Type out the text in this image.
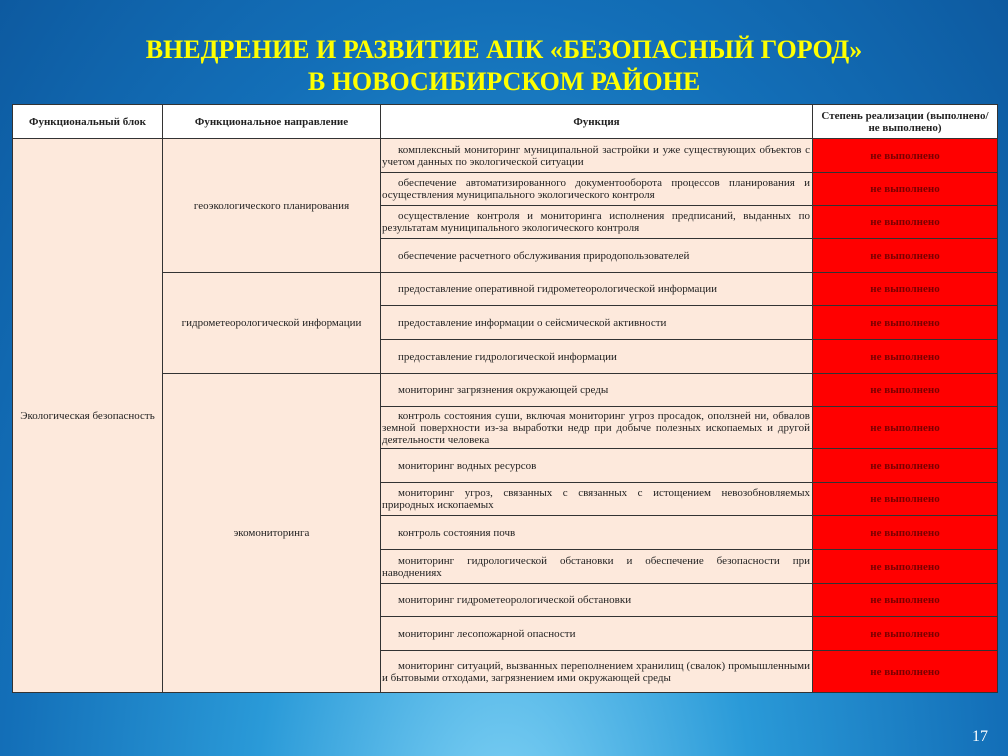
ВНЕДРЕНИЕ И РАЗВИТИЕ АПК «БЕЗОПАСНЫЙ ГОРОД»
В НОВОСИБИРСКОМ РАЙОНЕ
Функциональный блок	Функциональное направление	Функция	Степень реализации (выполнено/не выполнено)
Экологическая безопасность	геоэкологического планирования	комплексный мониторинг муниципальной застройки и уже существующих объектов с учетом данных по экологической ситуации	не выполнено
		обеспечение автоматизированного документооборота процессов планирования и осуществления муниципального экологического контроля	не выполнено
		осуществление контроля и мониторинга исполнения предписаний, выданных по результатам муниципального экологического контроля	не выполнено
		обеспечение расчетного обслуживания природопользователей	не выполнено
	гидрометеорологической информации	предоставление оперативной гидрометеорологической информации	не выполнено
		предоставление информации о сейсмической активности	не выполнено
		предоставление гидрологической информации	не выполнено
	экомониторинга	мониторинг загрязнения окружающей среды	не выполнено
		контроль состояния суши, включая мониторинг угроз просадок, оползней ни, обвалов земной поверхности из-за выработки недр при добыче полезных ископаемых и другой деятельности человека	не выполнено
		мониторинг водных ресурсов	не выполнено
		мониторинг угроз, связанных с связанных с истощением невозобновляемых природных ископаемых	не выполнено
		контроль состояния почв	не выполнено
		мониторинг гидрологической обстановки и обеспечение безопасности при наводнениях	не выполнено
		мониторинг гидрометеорологической обстановки	не выполнено
		мониторинг лесопожарной опасности	не выполнено
		мониторинг ситуаций, вызванных переполнением хранилищ (свалок) промышленными и бытовыми отходами, загрязнением ими окружающей среды	не выполнено
17
